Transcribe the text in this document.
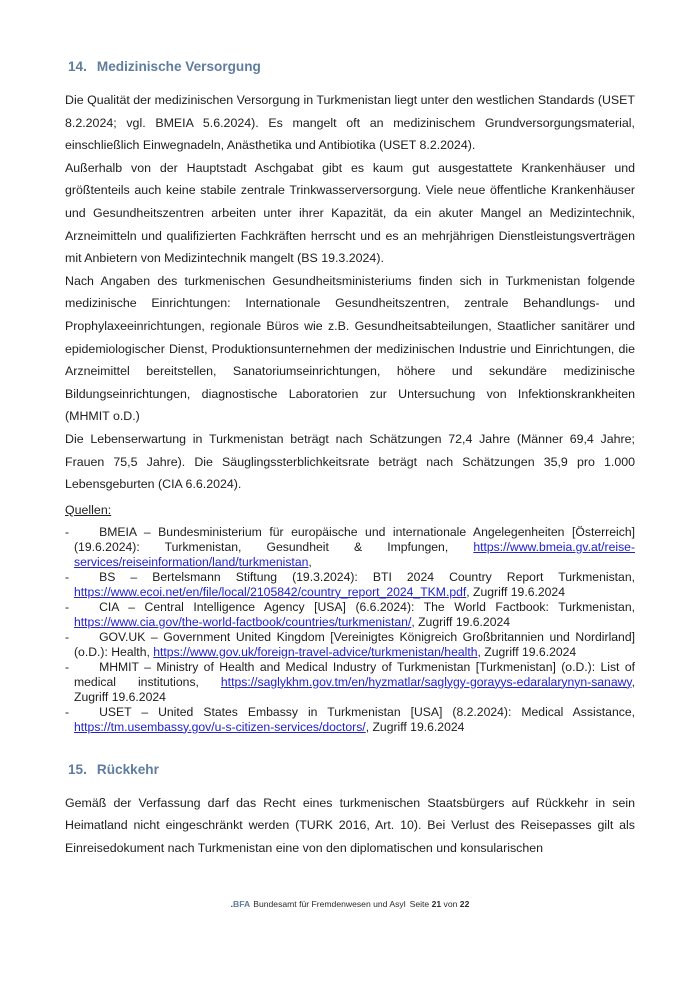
14. Medizinische Versorgung

Die Qualität der medizinischen Versorgung in Turkmenistan liegt unter den westlichen Standards (USET 8.2.2024; vgl. BMEIA 5.6.2024). Es mangelt oft an medizinischem Grundversorgungsmaterial, einschließlich Einwegnadeln, Anästhetika und Antibiotika (USET 8.2.2024).

Außerhalb von der Hauptstadt Aschgabat gibt es kaum gut ausgestattete Krankenhäuser und größtenteils auch keine stabile zentrale Trinkwasserversorgung. Viele neue öffentliche Krankenhäuser und Gesundheitszentren arbeiten unter ihrer Kapazität, da ein akuter Mangel an Medizintechnik, Arzneimitteln und qualifizierten Fachkräften herrscht und es an mehrjährigen Dienstleistungsverträgen mit Anbietern von Medizintechnik mangelt (BS 19.3.2024).

Nach Angaben des turkmenischen Gesundheitsministeriums finden sich in Turkmenistan folgende medizinische Einrichtungen: Internationale Gesundheitszentren, zentrale Behandlungs- und Prophylaxeeinrichtungen, regionale Büros wie z.B. Gesundheitsabteilungen, Staatlicher sanitärer und epidemiologischer Dienst, Produktionsunternehmen der medizinischen Industrie und Einrichtungen, die Arzneimittel bereitstellen, Sanatoriumseinrichtungen, höhere und sekundäre medizinische Bildungseinrichtungen, diagnostische Laboratorien zur Untersuchung von Infektionskrankheiten (MHMIT o.D.)

Die Lebenserwartung in Turkmenistan beträgt nach Schätzungen 72,4 Jahre (Männer 69,4 Jahre; Frauen 75,5 Jahre). Die Säuglingssterblichkeitsrate beträgt nach Schätzungen 35,9 pro 1.000 Lebensgeburten (CIA 6.6.2024).

Quellen:

- BMEIA – Bundesministerium für europäische und internationale Angelegenheiten [Österreich] (19.6.2024): Turkmenistan, Gesundheit & Impfungen, https://www.bmeia.gv.at/reise-services/reiseinformation/land/turkmenistan,
- BS – Bertelsmann Stiftung (19.3.2024): BTI 2024 Country Report Turkmenistan, https://www.ecoi.net/en/file/local/2105842/country_report_2024_TKM.pdf, Zugriff 19.6.2024
- CIA – Central Intelligence Agency [USA] (6.6.2024): The World Factbook: Turkmenistan, https://www.cia.gov/the-world-factbook/countries/turkmenistan/, Zugriff 19.6.2024
- GOV.UK – Government United Kingdom [Vereinigtes Königreich Großbritannien und Nordirland] (o.D.): Health, https://www.gov.uk/foreign-travel-advice/turkmenistan/health, Zugriff 19.6.2024
- MHMIT – Ministry of Health and Medical Industry of Turkmenistan [Turkmenistan] (o.D.): List of medical institutions, https://saglykhm.gov.tm/en/hyzmatlar/saglygy-gorayys-edaralarynyn-sanawy, Zugriff 19.6.2024
- USET – United States Embassy in Turkmenistan [USA] (8.2.2024): Medical Assistance, https://tm.usembassy.gov/u-s-citizen-services/doctors/, Zugriff 19.6.2024
15. Rückkehr

Gemäß der Verfassung darf das Recht eines turkmenischen Staatsbürgers auf Rückkehr in sein Heimatland nicht eingeschränkt werden (TURK 2016, Art. 10). Bei Verlust des Reisepasses gilt als Einreisedokument nach Turkmenistan eine von den diplomatischen und konsularischen

.BFA Bundesamt für Fremdenwesen und Asyl Seite 21 von 22
